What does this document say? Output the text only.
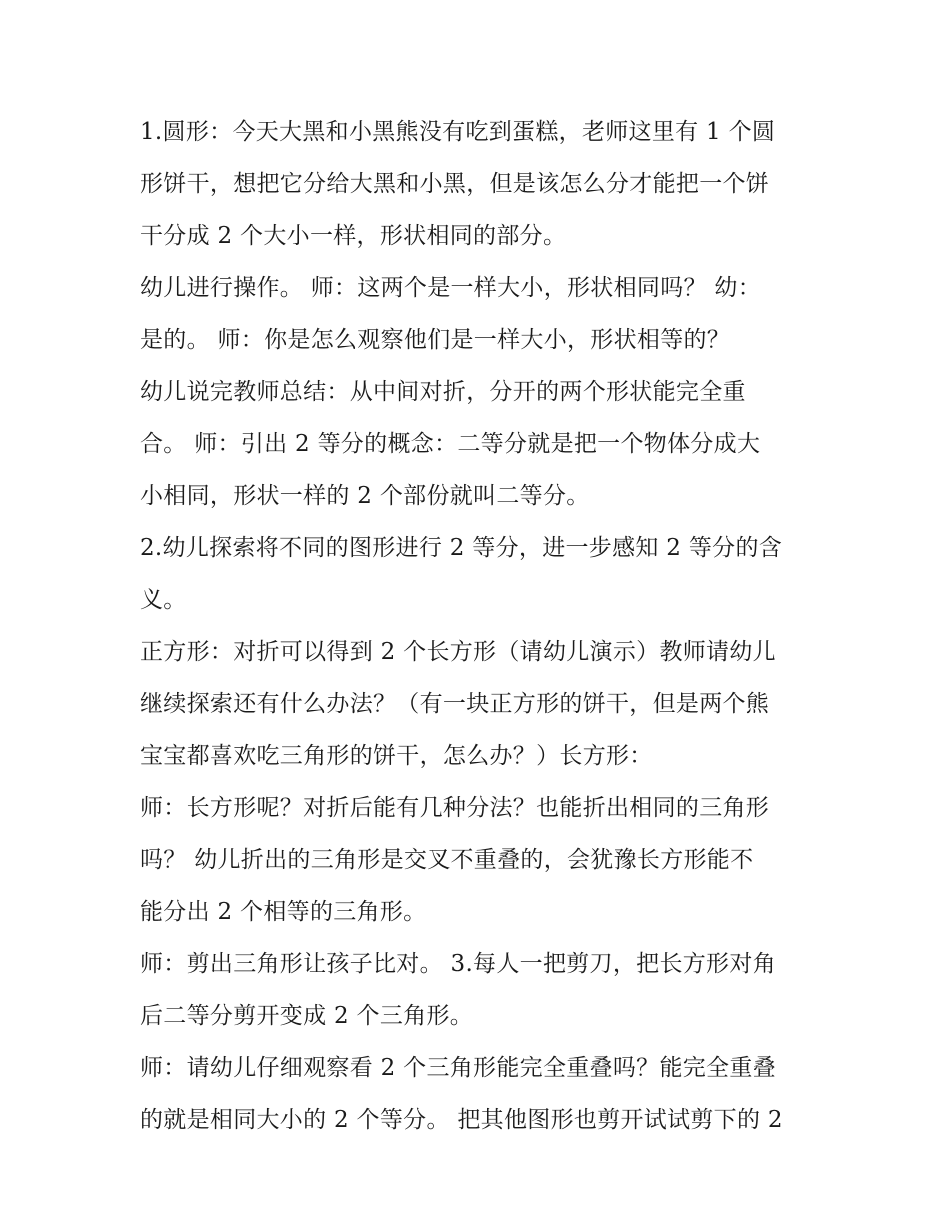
1.圆形：今天大黑和小黑熊没有吃到蛋糕，老师这里有 1 个圆
形饼干，想把它分给大黑和小黑，但是该怎么分才能把一个饼
干分成 2 个大小一样，形状相同的部分。
幼儿进行操作。 师：这两个是一样大小，形状相同吗？ 幼：
是的。 师：你是怎么观察他们是一样大小，形状相等的？
幼儿说完教师总结：从中间对折，分开的两个形状能完全重
合。 师：引出 2 等分的概念：二等分就是把一个物体分成大
小相同，形状一样的 2 个部份就叫二等分。
2.幼儿探索将不同的图形进行 2 等分，进一步感知 2 等分的含
义。
正方形：对折可以得到 2 个长方形（请幼儿演示）教师请幼儿
继续探索还有什么办法？（有一块正方形的饼干，但是两个熊
宝宝都喜欢吃三角形的饼干，怎么办？）长方形：
师：长方形呢？对折后能有几种分法？也能折出相同的三角形
吗？ 幼儿折出的三角形是交叉不重叠的，会犹豫长方形能不
能分出 2 个相等的三角形。
师：剪出三角形让孩子比对。 3.每人一把剪刀，把长方形对角
后二等分剪开变成 2 个三角形。
师：请幼儿仔细观察看 2 个三角形能完全重叠吗？能完全重叠
的就是相同大小的 2 个等分。 把其他图形也剪开试试剪下的 2
